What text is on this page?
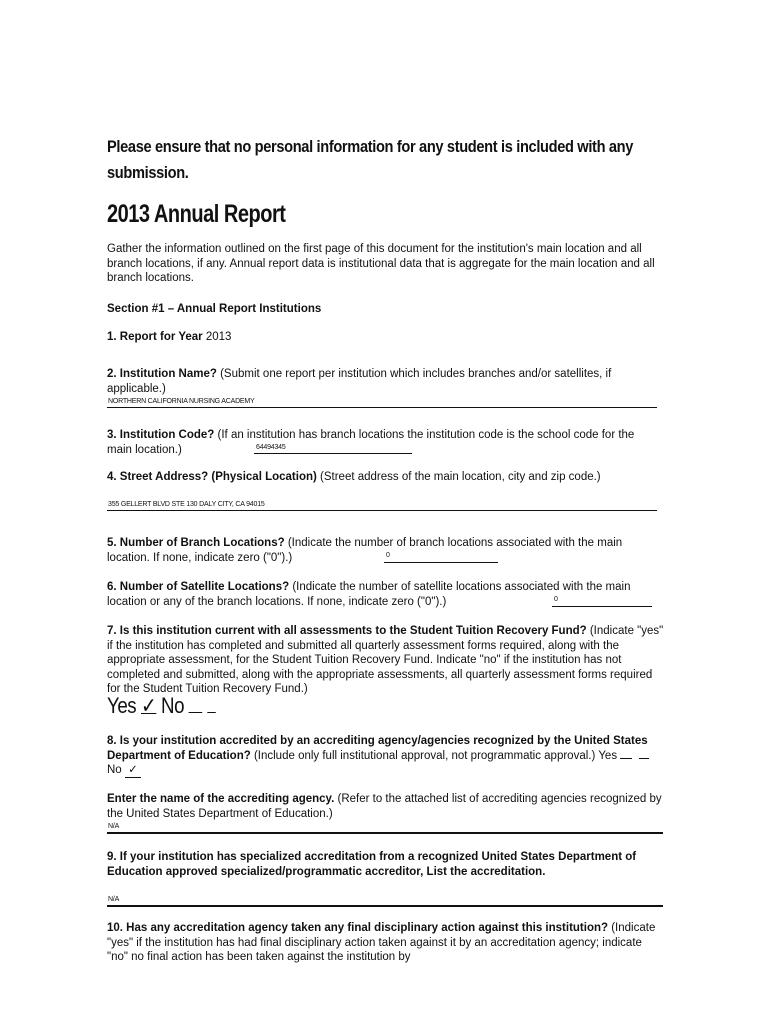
Please ensure that no personal information for any student is included with any submission.
2013 Annual Report
Gather the information outlined on the first page of this document for the institution's main location and all branch locations, if any. Annual report data is institutional data that is aggregate for the main location and all branch locations.
Section #1 – Annual Report Institutions
1. Report for Year 2013
2. Institution Name? (Submit one report per institution which includes branches and/or satellites, if applicable.)
NORTHERN CALIFORNIA NURSING ACADEMY
3. Institution Code? (If an institution has branch locations the institution code is the school code for the main location.)	64494345
4. Street Address? (Physical Location) (Street address of the main location, city and zip code.)
355 GELLERT BLVD STE 130 DALY CITY, CA 94015
5. Number of Branch Locations? (Indicate the number of branch locations associated with the main location. If none, indicate zero ("0").)	0
6. Number of Satellite Locations? (Indicate the number of satellite locations associated with the main location or any of the branch locations. If none, indicate zero ("0").)	0
7. Is this institution current with all assessments to the Student Tuition Recovery Fund? (Indicate "yes" if the institution has completed and submitted all quarterly assessment forms required, along with the appropriate assessment, for the Student Tuition Recovery Fund. Indicate "no" if the institution has not completed and submitted, along with the appropriate assessments, all quarterly assessment forms required for the Student Tuition Recovery Fund.)
Yes ✓ No
8. Is your institution accredited by an accrediting agency/agencies recognized by the United States Department of Education? (Include only full institutional approval, not programmatic approval.) Yes    No ✓
Enter the name of the accrediting agency. (Refer to the attached list of accrediting agencies recognized by the United States Department of Education.)
N/A
9. If your institution has specialized accreditation from a recognized United States Department of Education approved specialized/programmatic accreditor, List the accreditation.
N/A
10. Has any accreditation agency taken any final disciplinary action against this institution? (Indicate "yes" if the institution has had final disciplinary action taken against it by an accreditation agency; indicate "no" no final action has been taken against the institution by
